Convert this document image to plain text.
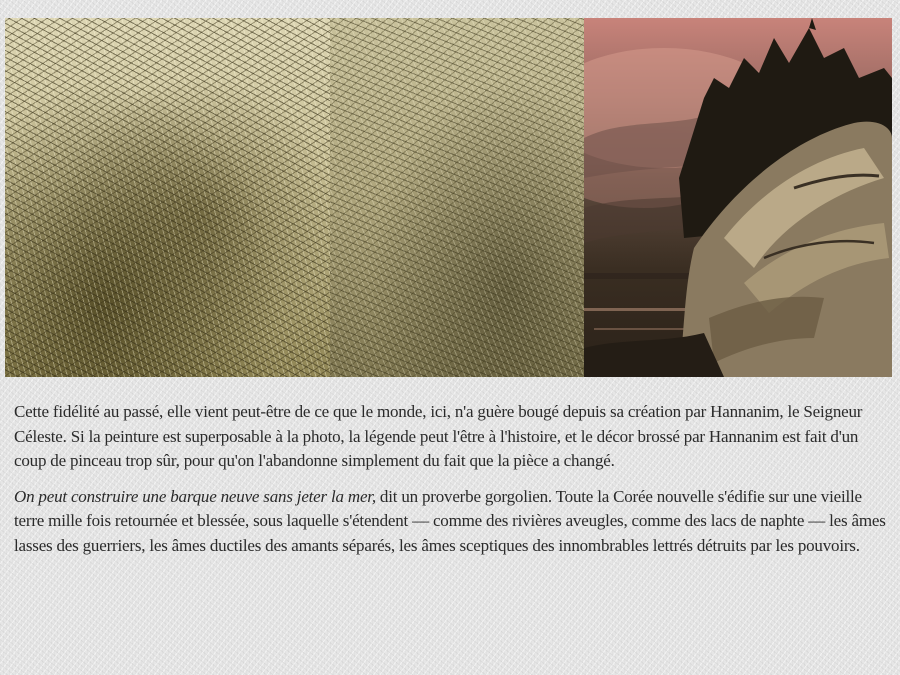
Cette fidélité au passé, elle vient peut-être de ce que le monde, ici, n'a guère bougé depuis sa création par Hannanim, le Seigneur Céleste. Si la peinture est superposable à la photo, la légende peut l'être à l'histoire, et le décor brossé par Hannanim est fait d'un coup de pinceau trop sûr, pour qu'on l'abandonne simplement du fait que la pièce a changé.

On peut construire une barque neuve sans jeter la mer, dit un proverbe gorgolien. Toute la Corée nouvelle s'édifie sur une vieille terre mille fois retournée et blessée, sous laquelle s'étendent — comme des rivières aveugles, comme des lacs de naphte — les âmes lasses des guerriers, les âmes ductiles des amants séparés, les âmes sceptiques des innombrables lettrés détruits par les pouvoirs.
